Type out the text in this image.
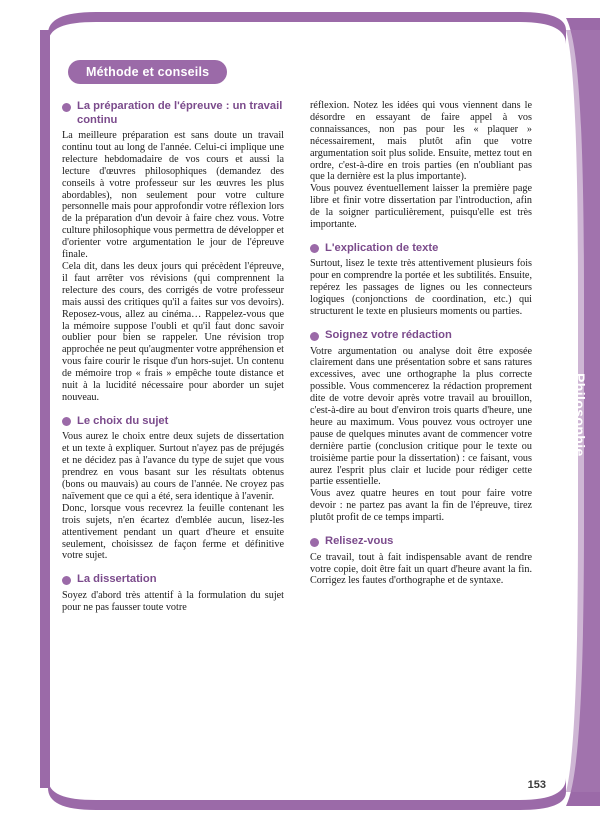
Philosophie
Méthode et conseils
La préparation de l'épreuve : un travail continu

La meilleure préparation est sans doute un travail continu tout au long de l'année. Celui-ci implique une relecture hebdomadaire de vos cours et aussi la lecture d'œuvres philosophiques (demandez des conseils à votre professeur sur les œuvres les plus abordables), non seulement pour votre culture personnelle mais pour approfondir votre réflexion lors de la préparation d'un devoir à faire chez vous. Votre culture philosophique vous permettra de développer et d'orienter votre argumentation le jour de l'épreuve finale.

Cela dit, dans les deux jours qui précèdent l'épreuve, il faut arrêter vos révisions (qui comprennent la relecture des cours, des corrigés de votre professeur mais aussi des critiques qu'il a faites sur vos devoirs). Reposez-vous, allez au cinéma… Rappelez-vous que la mémoire suppose l'oubli et qu'il faut donc savoir oublier pour bien se rappeler. Une révision trop approchée ne peut qu'augmenter votre appréhension et vous faire courir le risque d'un hors-sujet. Un contenu de mémoire trop « frais » empêche toute distance et nuit à la lucidité nécessaire pour aborder un sujet nouveau.

Le choix du sujet

Vous aurez le choix entre deux sujets de dissertation et un texte à expliquer. Surtout n'ayez pas de préjugés et ne décidez pas à l'avance du type de sujet que vous prendrez en vous basant sur les résultats obtenus (bons ou mauvais) au cours de l'année. Ne croyez pas naïvement que ce qui a été, sera identique à l'avenir.

Donc, lorsque vous recevrez la feuille contenant les trois sujets, n'en écartez d'emblée aucun, lisez-les attentivement pendant un quart d'heure et ensuite seulement, choisissez de façon ferme et définitive votre sujet.

La dissertation

Soyez d'abord très attentif à la formulation du sujet pour ne pas fausser toute votre

réflexion. Notez les idées qui vous viennent dans le désordre en essayant de faire appel à vos connaissances, non pas pour les « plaquer » nécessairement, mais plutôt afin que votre argumentation soit plus solide. Ensuite, mettez tout en ordre, c'est-à-dire en trois parties (en n'oubliant pas que la dernière est la plus importante).

Vous pouvez éventuellement laisser la première page libre et finir votre dissertation par l'introduction, afin de la soigner particulièrement, puisqu'elle est très importante.

L'explication de texte

Surtout, lisez le texte très attentivement plusieurs fois pour en comprendre la portée et les subtilités. Ensuite, repérez les passages de lignes ou les connecteurs logiques (conjonctions de coordination, etc.) qui structurent le texte en plusieurs moments ou parties.

Soignez votre rédaction

Votre argumentation ou analyse doit être exposée clairement dans une présentation sobre et sans ratures excessives, avec une orthographe la plus correcte possible. Vous commencerez la rédaction proprement dite de votre devoir après votre travail au brouillon, c'est-à-dire au bout d'environ trois quarts d'heure, une heure au maximum. Vous pouvez vous octroyer une pause de quelques minutes avant de commencer votre dernière partie (conclusion critique pour le texte ou troisième partie pour la dissertation) : ce faisant, vous aurez l'esprit plus clair et lucide pour rédiger cette partie essentielle.

Vous avez quatre heures en tout pour faire votre devoir : ne partez pas avant la fin de l'épreuve, tirez plutôt profit de ce temps imparti.

Relisez-vous

Ce travail, tout à fait indispensable avant de rendre votre copie, doit être fait un quart d'heure avant la fin. Corrigez les fautes d'orthographe et de syntaxe.

153
